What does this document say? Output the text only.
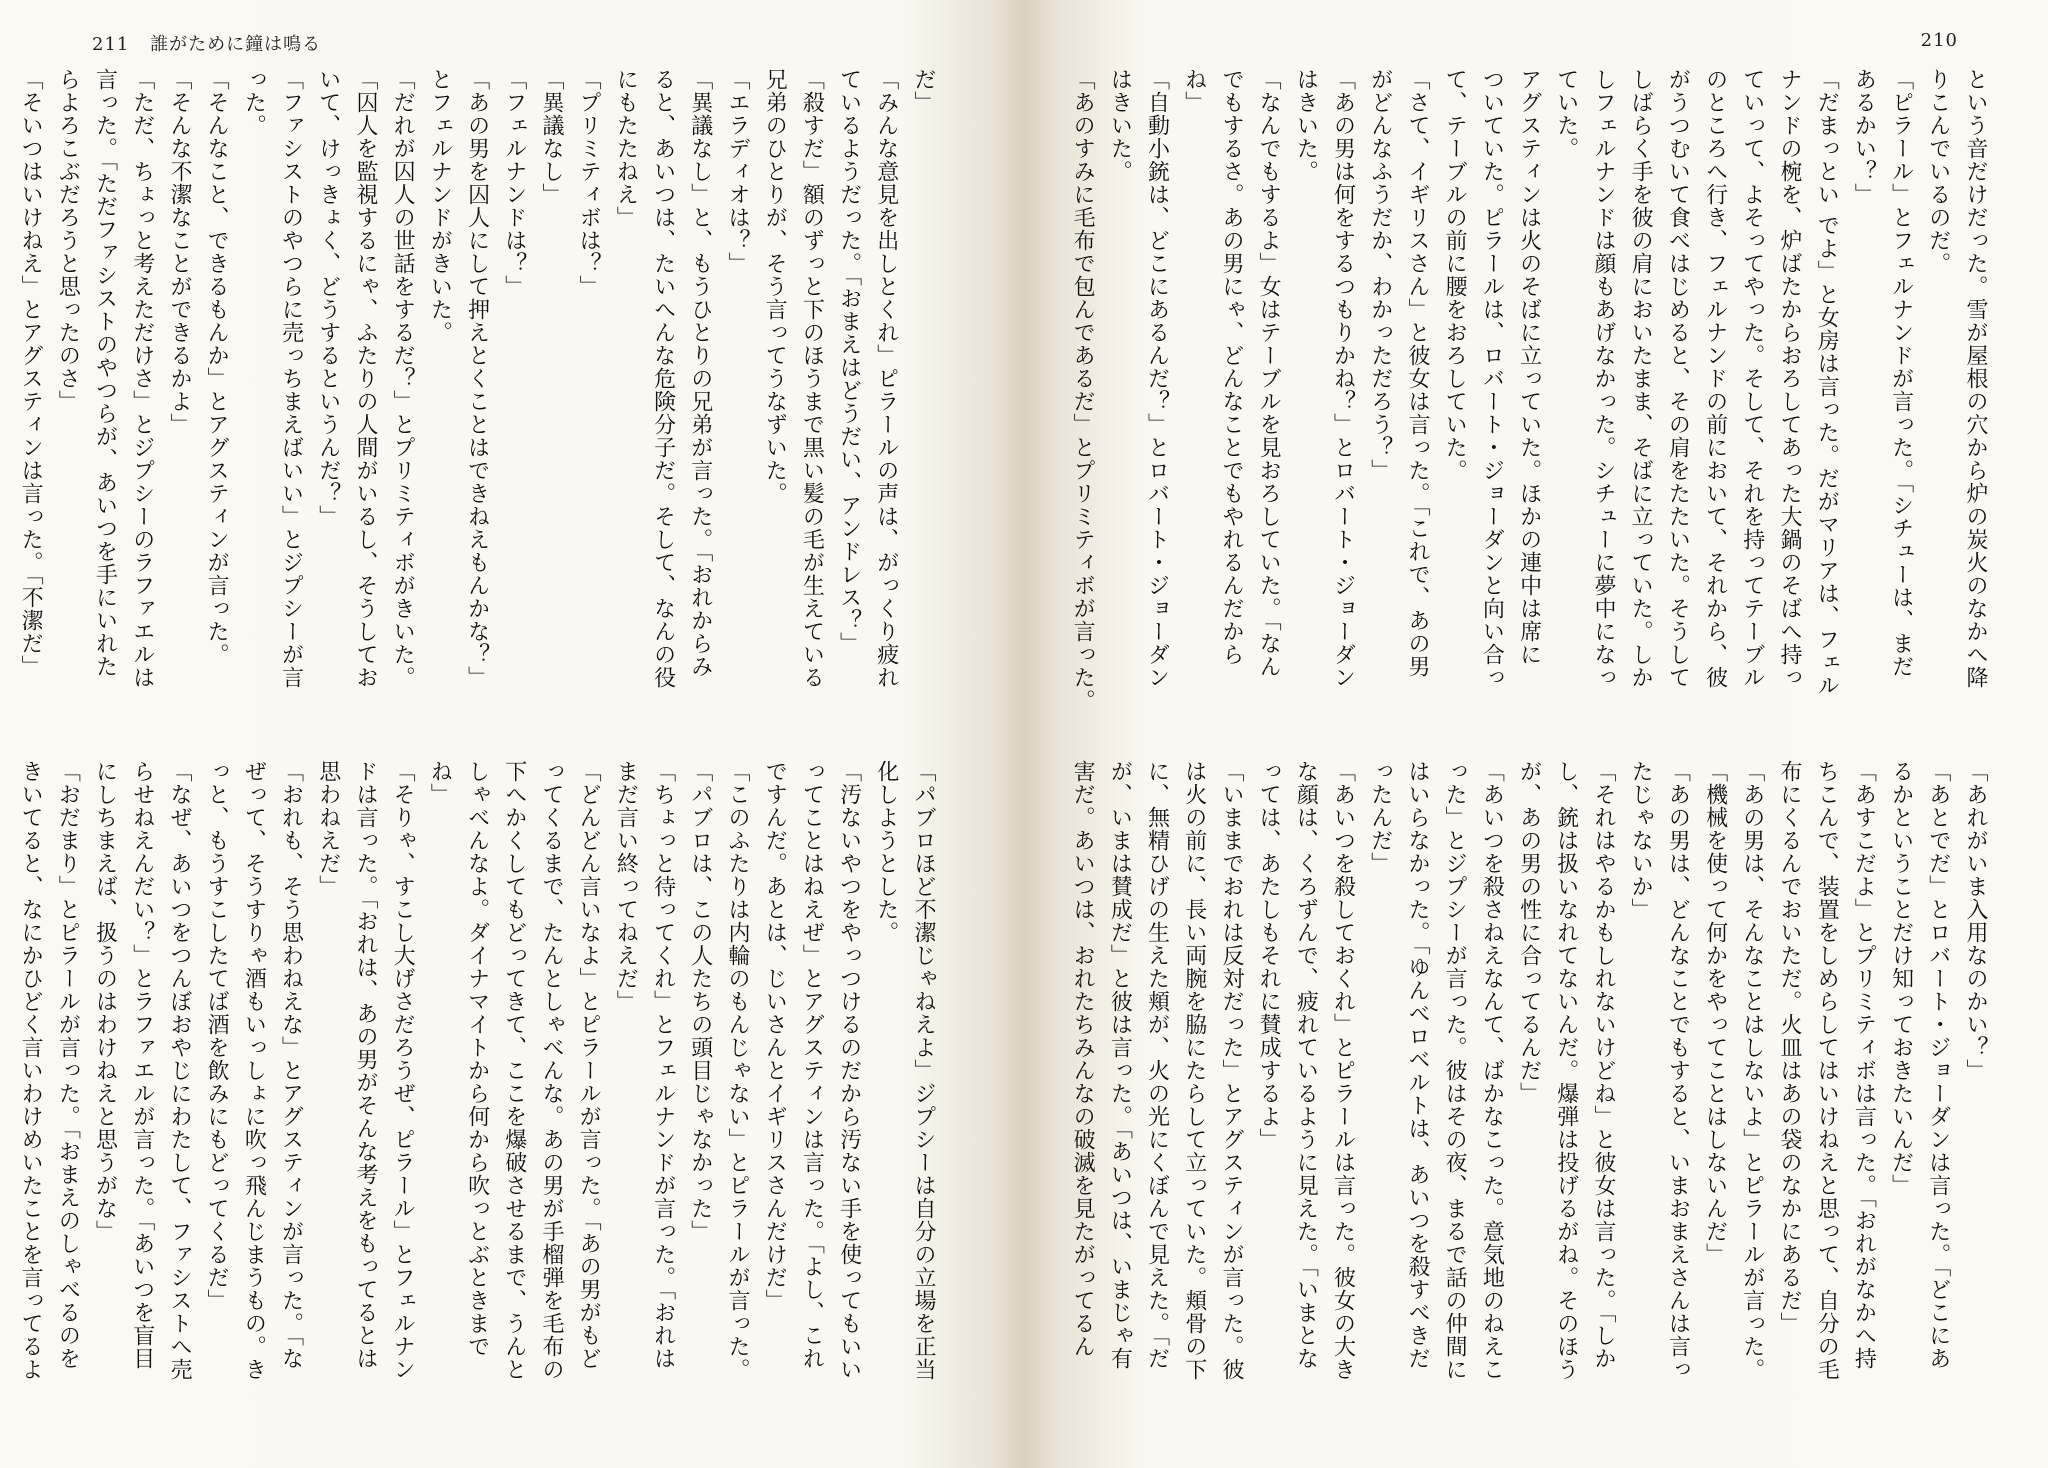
211 誰がために鐘は鳴る

だ」

「みんな意見を出しとくれ」ピラールの声は、がっくり疲れ

ているようだった。「おまえはどうだい、アンドレス？」

「殺すだ」額のずっと下のほうまで黒い髪の毛が生えている

兄弟のひとりが、そう言ってうなずいた。

「エラディオは？」

「異議なし」と、もうひとりの兄弟が言った。「おれからみ

ると、あいつは、たいへんな危険分子だ。そして、なんの役

にもたたねえ」

「プリミティボは？」

「異議なし」

「フェルナンドは？」

「あの男を囚人にして押えとくことはできねえもんかな？」

とフェルナンドがきいた。

「だれが囚人の世話をするだ？」とプリミティボがきいた。

「囚人を監視するにゃ、ふたりの人間がいるし、そうしてお

いて、けっきょく、どうするというんだ？」

「ファシストのやつらに売っちまえばいい」とジプシーが言

った。

「そんなこと、できるもんか」とアグスティンが言った。

「そんな不潔なことができるかよ」

「ただ、ちょっと考えただけさ」とジプシーのラファエルは

言った。「ただファシストのやつらが、あいつを手にいれた

らよろこぶだろうと思ったのさ」

「そいつはいけねえ」とアグスティンは言った。「不潔だ」

「パブロほど不潔じゃねえよ」ジプシーは自分の立場を正当

化しようとした。

「汚ないやつをやっつけるのだから汚ない手を使ってもいい

ってことはねえぜ」とアグスティンは言った。「よし、これ

ですんだ。あとは、じいさんとイギリスさんだけだ」

「このふたりは内輪のもんじゃない」とピラールが言った。

「パブロは、この人たちの頭目じゃなかった」

「ちょっと待ってくれ」とフェルナンドが言った。「おれは

まだ言い終ってねえだ」

「どんどん言いなよ」とピラールが言った。「あの男がもど

ってくるまで、たんとしゃべんな。あの男が手榴弾を毛布の

下へかくしてもどってきて、ここを爆破させるまで、うんと

しゃべんなよ。ダイナマイトから何から吹っとぶときまで

ね」

「そりゃ、すこし大げさだろうぜ、ピラール」とフェルナン

ドは言った。「おれは、あの男がそんな考えをもってるとは

思わねえだ」

「おれも、そう思わねえな」とアグスティンが言った。「な

ぜって、そうすりゃ酒もいっしょに吹っ飛んじまうもの。き

っと、もうすこしたてば酒を飲みにもどってくるだ」

「なぜ、あいつをつんぼおやじにわたして、ファシストへ売

らせねえんだい？」とラファエルが言った。「あいつを盲目

にしちまえば、扱うのはわけねえと思うがな」

「おだまり」とピラールが言った。「おまえのしゃべるのを

きいてると、なにかひどく言いわけめいたことを言ってるよ

210

という音だけだった。雪が屋根の穴から炉の炭火のなかへ降

りこんでいるのだ。

「ピラール」とフェルナンドが言った。「シチューは、まだ

あるかい？」

「だまっとい でよ」と女房は言った。だがマリアは、フェル

ナンドの椀を、炉ばたからおろしてあった大鍋のそばへ持っ

ていって、よそってやった。そして、それを持ってテーブル

のところへ行き、フェルナンドの前において、それから、彼

がうつむいて食べはじめると、その肩をたたいた。そうして

しばらく手を彼の肩においたまま、そばに立っていた。しか

しフェルナンドは顔もあげなかった。シチューに夢中になっ

ていた。

アグスティンは火のそばに立っていた。ほかの連中は席に

ついていた。ピラールは、ロバート・ジョーダンと向い合っ

て、テーブルの前に腰をおろしていた。

「さて、イギリスさん」と彼女は言った。「これで、あの男

がどんなふうだか、わかっただろう？」

「あの男は何をするつもりかね？」とロバート・ジョーダン

はきいた。

「なんでもするよ」女はテーブルを見おろしていた。「なん

でもするさ。あの男にゃ、どんなことでもやれるんだから

ね」

「自動小銃は、どこにあるんだ？」とロバート・ジョーダン

はきいた。

「あのすみに毛布で包んであるだ」とプリミティボが言った。

「あれがいま入用なのかい？」

「あとでだ」とロバート・ジョーダンは言った。「どこにあ

るかということだけ知っておきたいんだ」

「あすこだよ」とプリミティボは言った。「おれがなかへ持

ちこんで、装置をしめらしてはいけねえと思って、自分の毛

布にくるんでおいただ。火皿はあの袋のなかにあるだ」

「あの男は、そんなことはしないよ」とピラールが言った。

「機械を使って何かをやってことはしないんだ」

「あの男は、どんなことでもすると、いまおまえさんは言っ

たじゃないか」

「それはやるかもしれないけどね」と彼女は言った。「しか

し、銃は扱いなれてないんだ。爆弾は投げるがね。そのほう

が、あの男の性に合ってるんだ」

「あいつを殺さねえなんて、ばかなこった。意気地のねえこ

った」とジプシーが言った。彼はその夜、まるで話の仲間に

はいらなかった。「ゆんべロベルトは、あいつを殺すべきだ

ったんだ」

「あいつを殺しておくれ」とピラールは言った。彼女の大き

な顔は、くろずんで、疲れているように見えた。「いまとな

っては、あたしもそれに賛成するよ」

「いままでおれは反対だった」とアグスティンが言った。彼

は火の前に、長い両腕を脇にたらして立っていた。頬骨の下

に、無精ひげの生えた頬が、火の光にくぼんで見えた。「だ

が、いまは賛成だ」と彼は言った。「あいつは、いまじゃ有

害だ。あいつは、おれたちみんなの破滅を見たがってるん
